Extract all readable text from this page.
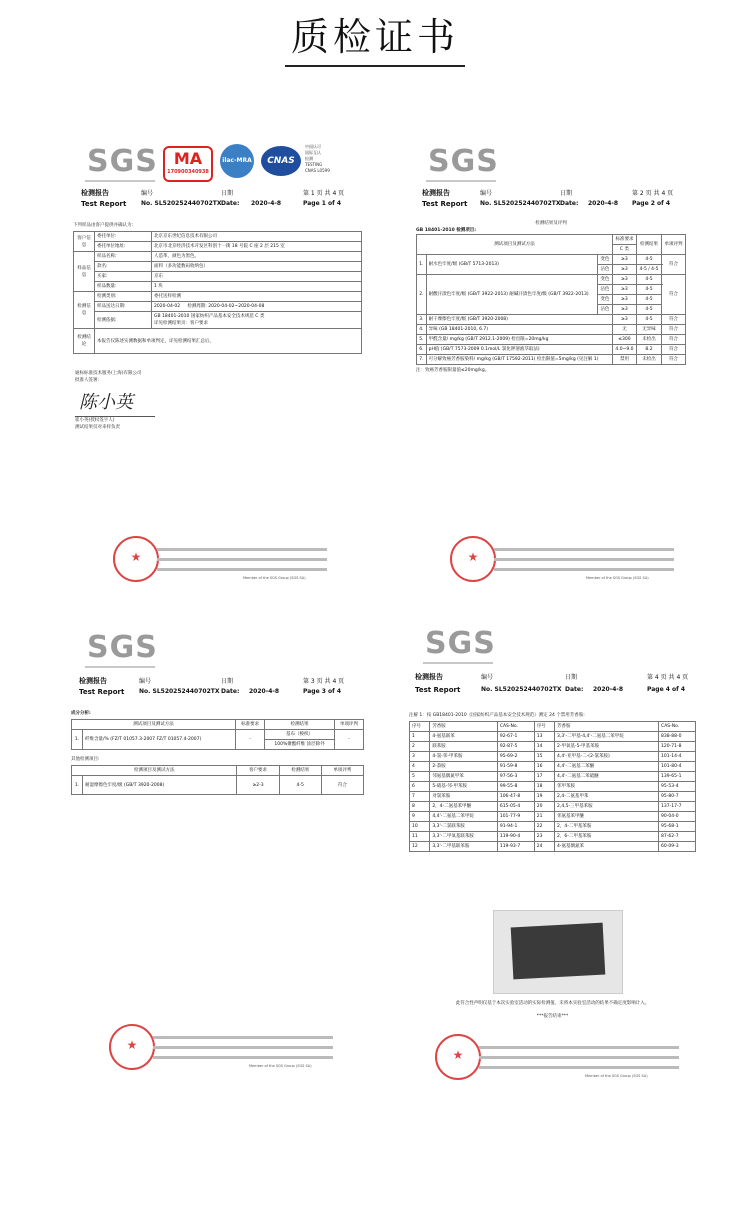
质检证书
SGS	MA
170900340938
ilac-MRA	CNAS
中国认可
国际互认
检测
TESTING
CNAS L0599
检测报告	编号	日期	第 1 页 共 4 页
Test Report No. SL520252440702TX Date: 2020-4-8	Page 1 of 4
下列样品由客户提供并确认为:
客户信息	委托单位:	北京京东世纪信息技术有限公司
	委托单位地址:	北京市北京经济技术开发区科创十一街 18 号院 C 座 2 层 215 室
样品信息	样品名称:	人造革，颜色为黑色。
	款名:	面料（多功能数码收纳包）
	买家:	京东
	样品数量:	1 块
检测信息	检测类别:	委托送样检测
	样品送达日期:	2020-04-02 检测周期: 2020-04-02~2020-04-08
	检测依据:	GB 18401-2010 国家纺织产品基本安全技术规范 C 类
详见检测结果页：客户要求

检测结论	本报告仅陈述实测数据和单项判定，详见检测结果汇总后。	
通标标准技术服务(上海)有限公司
批准人签署:
陈小英
崔小英(授权签字人)
测试结果仅对来样负责
★
Member of the SGS Group (SGS SA)
SGS
检测报告	编号	日期	第 2 页 共 4 页
Test Report No. SL520252440702TX Date: 2020-4-8 Page 2 of 4
检测结果及评判
GB 18401-2010 检测项目:
测试项目及测试方法			标准要求	检测结果	单项评判
			C 类		
1.	耐水色牢度/级 (GB/T 5713-2013)	变色	≥3	4-5	符合
		沾色	≥3	4-5 / 4-5	
2.	耐酸汗渍色牢度/级 (GB/T 3922-2013) 耐碱汗渍色牢度/级 (GB/T 3922-2013)	变色	≥3	4-5	符合
		沾色	≥3	4-5	
		变色	≥3	4-5	
		沾色	≥3	4-5	
3.	耐干摩擦色牢度/级 (GB/T 3920-2008)		≥3	4-5	符合
4.	异味 (GB 18401-2010, 6.7)		无	无异味	符合
5.	甲醛含量/ mg/kg (GB/T 2912.1-2009) 检出限=20mg/kg		≤300	未检出	符合
6.	pH值 (GB/T 7573-2009 0.1mol/L 氯化钾溶液萃取法)		4.0~9.0	8.2	符合
7.	可分解致癌芳香胺染料/ mg/kg (GB/T 17592-2011) 检出限值=5mg/kg (见注解 1)		禁用	未检出	符合
注：致癌芳香胺限量值≤20mg/kg。
★
Member of the SGS Group (SGS SA)
SGS
检测报告	编号	日期	第 3 页 共 4 页
Test Report No. SL520252440702TX Date: 2020-4-8	Page 3 of 4
成分分析:
测试项目及测试方法		标准要求	检测结果	单项评判
1.	纤维含量/% (FZ/T 01057.3-2007 FZ/T 01057.4-2007)	-	基布（梭织）	-
			100%聚酯纤维 涂层除外	
其他检测项目:
检测项目及测试方法		客户要求	检测结果	单项评判
1.	耐湿摩擦色牢度/级 (GB/T 3920-2008)	≥2-3	4-5	符合
★
Member of the SGS Group (SGS SA)
SGS
检测报告	编号	日期	第 4 页 共 4 页
Test Report	No. SL520252440702TX Date: 2020-4-8	Page 4 of 4
注解 1：按 GB18401-2010《国家纺织产品基本安全技术规范》测定 24 个禁用芳香胺:
序号	芳香胺	CAS-No.	序号	芳香胺	CAS-No.
1	4-氨基联苯	92-67-1	13	3,3'-二甲基-4,4'-二氨基二苯甲烷	838-88-0
2	联苯胺	92-87-5	14	2-甲氧基-5-甲基苯胺	120-71-8
3	4-氯-邻-甲苯胺	95-69-2	15	4,4'-亚甲基-二-(2-氯苯胺)	101-14-4
4	2-萘胺	91-59-8	16	4,4'-二氨基二苯醚	101-80-4
5	邻氨基偶氮甲苯	97-56-3	17	4,4'-二氨基二苯硫醚	139-65-1
6	5-硝基-邻-甲苯胺	99-55-8	18	邻甲苯胺	95-53-4
7	对氯苯胺	106-47-8	19	2,4-二氨基甲苯	95-80-7
8	2，4-二氨基苯甲醚	615-05-4	20	2,4,5-三甲基苯胺	137-17-7
9	4,4'-二氨基二苯甲烷	101-77-9	21	邻氨基苯甲醚	90-04-0
10	3,3'-二氯联苯胺	91-94-1	22	2，4-二甲基苯胺	95-68-1
11	3,3'-二甲氧基联苯胺	119-90-4	23	2，6-二甲基苯胺	87-62-7
12	3,3'-二甲基联苯胺	119-93-7	24	4-氨基偶氮苯	60-09-3
此符合性声明仅基于本次实验室活动的实际检测值，未将本实验室活动的结果不确定度影响计入。
***报告结束***
★
Member of the SGS Group (SGS SA)
